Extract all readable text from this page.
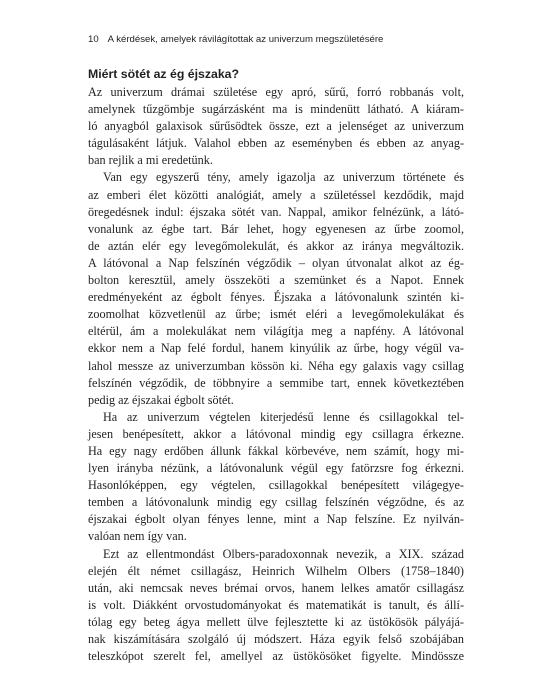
10 A kérdések, amelyek rávilágítottak az univerzum megszületésére
Miért sötét az ég éjszaka?

Az univerzum drámai születése egy apró, sűrű, forró robbanás volt,
amelynek tűzgömbje sugárzásként ma is mindenütt látható. A kiáram-
ló anyagból galaxisok sűrűsödtek össze, ezt a jelenséget az univerzum
tágulásaként látjuk. Valahol ebben az eseményben és ebben az anyag-
ban rejlik a mi eredetünk.

Van egy egyszerű tény, amely igazolja az univerzum története és
az emberi élet közötti analógiát, amely a születéssel kezdődik, majd
öregedésnek indul: éjszaka sötét van. Nappal, amikor felnézünk, a látó-
vonalunk az égbe tart. Bár lehet, hogy egyenesen az űrbe zoomol,
de aztán elér egy levegőmolekulát, és akkor az iránya megváltozik.
A látóvonal a Nap felszínén végződik – olyan útvonalat alkot az ég-
bolton keresztül, amely összeköti a szemünket és a Napot. Ennek
eredményeként az égbolt fényes. Éjszaka a látóvonalunk szintén ki-
zoomolhat közvetlenül az űrbe; ismét eléri a levegőmolekulákat és
eltérül, ám a molekulákat nem világítja meg a napfény. A látóvonal
ekkor nem a Nap felé fordul, hanem kinyúlik az űrbe, hogy végül va-
lahol messze az univerzumban kössön ki. Néha egy galaxis vagy csillag
felszínén végződik, de többnyire a semmibe tart, ennek következtében
pedig az éjszakai égbolt sötét.

Ha az univerzum végtelen kiterjedésű lenne és csillagokkal tel-
jesen benépesített, akkor a látóvonal mindig egy csillagra érkezne.
Ha egy nagy erdőben állunk fákkal körbevéve, nem számít, hogy mi-
lyen irányba nézünk, a látóvonalunk végül egy fatörzsre fog érkezni.
Hasonlóképpen, egy végtelen, csillagokkal benépesített világegye-
temben a látóvonalunk mindig egy csillag felszínén végződne, és az
éjszakai égbolt olyan fényes lenne, mint a Nap felszíne. Ez nyilván-
valóan nem így van.

Ezt az ellentmondást Olbers-paradoxonnak nevezik, a XIX. század
elején élt német csillagász, Heinrich Wilhelm Olbers (1758–1840)
után, aki nemcsak neves brémai orvos, hanem lelkes amatőr csillagász
is volt. Diákként orvostudományokat és matematikát is tanult, és állí-
tólag egy beteg ágya mellett ülve fejlesztette ki az üstökösök pályájá-
nak kiszámítására szolgáló új módszert. Háza egyik felső szobájában
teleszkópot szerelt fel, amellyel az üstökösöket figyelte. Mindössze
